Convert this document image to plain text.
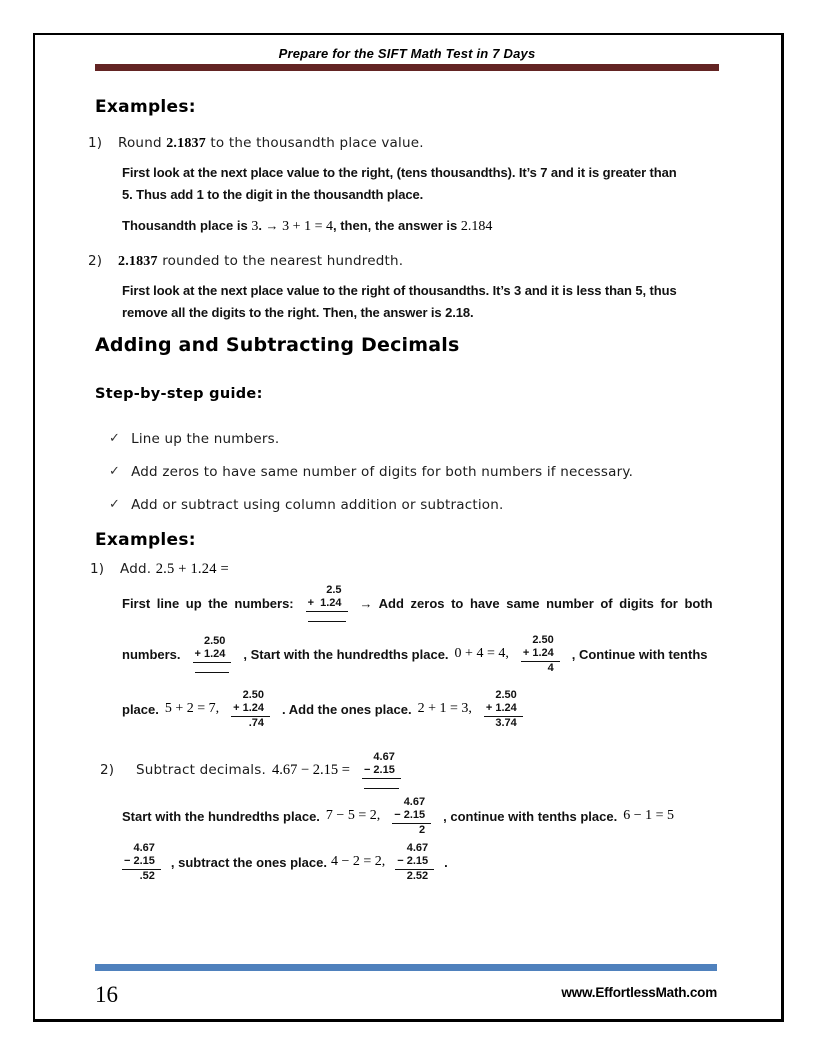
Prepare for the SIFT Math Test in 7 Days
Examples:
1) Round 2.1837 to the thousandth place value.
First look at the next place value to the right, (tens thousandths). It’s 7 and it is greater than
5. Thus add 1 to the digit in the thousandth place.
Thousandth place is 3. → 3 + 1 = 4, then, the answer is 2.184
2) 2.1837 rounded to the nearest hundredth.
First look at the next place value to the right of thousandths. It’s 3 and it is less than 5, thus
remove all the digits to the right. Then, the answer is 2.18.
Adding and Subtracting Decimals
Step-by-step guide:
✓ Line up the numbers.
✓ Add zeros to have same number of digits for both numbers if necessary.
✓ Add or subtract using column addition or subtraction.
Examples:
1) Add. 2.5 + 1.24 =
First line up the numbers:
2.5
+ 1.24	→ Add zeros to have same number of digits for both
numbers.
2.50
+ 1.24	, Start with the hundredths place. 0 + 4 = 4,
2.50
+ 1.24
4
, Continue with tenths
place. 5 + 2 = 7,
2.50
+ 1.24
.74
. Add the ones place. 2 + 1 = 3,
2.50
+ 1.24
3.74
2)	Subtract decimals. 4.67 − 2.15 =
4.67
− 2.15
Start with the hundredths place. 7 − 5 = 2,
4.67
− 2.15
2
, continue with tenths place. 6 − 1 = 5
4.67
− 2.15
.52
, subtract the ones place. 4 − 2 = 2,
4.67
− 2.15
2.52
.
16	www.EffortlessMath.com
